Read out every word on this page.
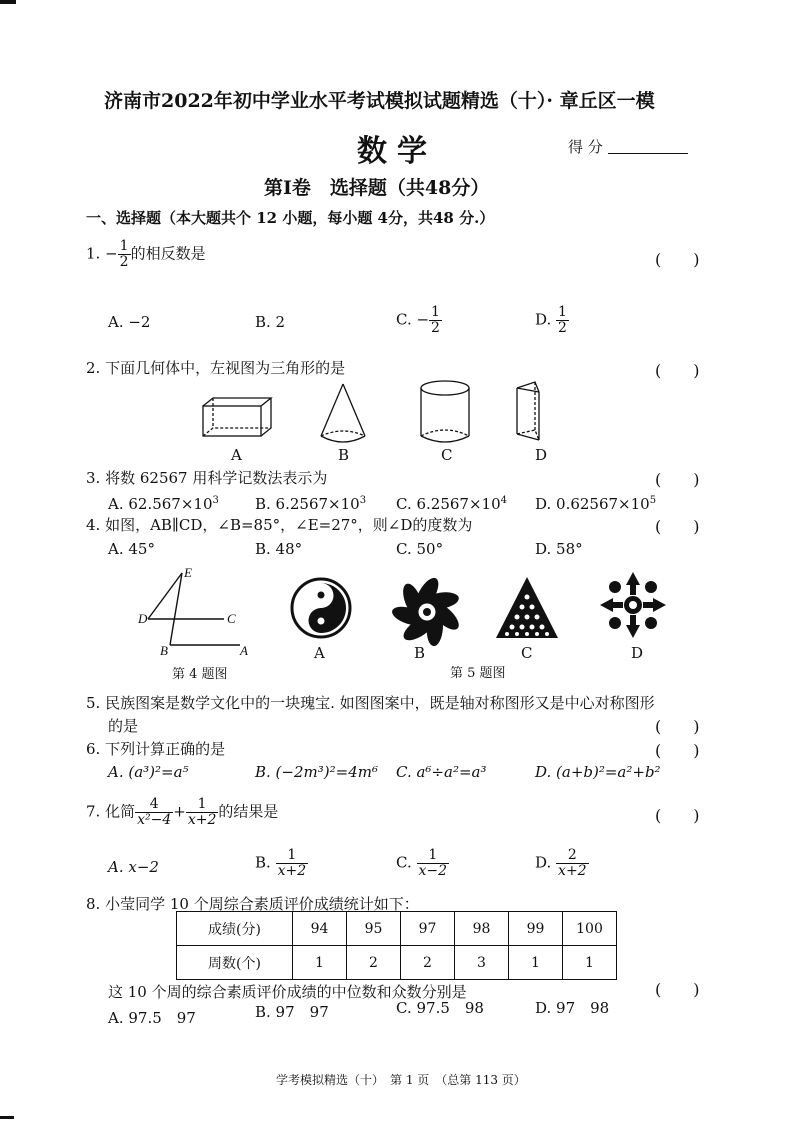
济南市2022年初中学业水平考试模拟试题精选（十）· 章丘区一模
数学	得 分
第Ⅰ卷　选择题（共48分）
一、选择题（本大题共个 12 小题，每小题 4分，共48 分.）
1. − $\frac{1}{2}$ 的相反数是	(　　)
A. −2	B. 2	C. − $\frac{1}{2}$	D. $\frac{1}{2}$
2. 下面几何体中，左视图为三角形的是	(　　)
A	B	C	D
3. 将数 62567 用科学记数法表示为	(　　)
A. $62.567\times 10^3$ B. $6.2567\times 10^3$ C. $6.2567\times 10^4$ D. $0.62567\times 10^5$
4. 如图，AB∥CD，∠B=85°，∠E=27°，则∠D的度数为	(　　)
A. 45°	B. 48°	C. 50°	D. 58°
E
D	C
B	A
第 4 题图
A	B	C	D
第 5 题图
5. 民族图案是数学文化中的一块瑰宝. 如图图案中，既是轴对称图形又是中心对称图形
的是	(　　)
6. 下列计算正确的是	(　　)
A. (a³)²=a⁵	B. (−2m³)²=4m⁶ C. a⁶÷a²=a³	D. (a+b)²=a²+b²
7. 化简 $\frac{4}{\text{x²−4}} + \frac{1}{x+2}$ 的结果是	(　　)
A. x−2	B. $\frac{1}{x+2}$	C. $\frac{1}{x-2}$	D. $\frac{2}{x+2}$
8. 小莹同学 10 个周综合素质评价成绩统计如下：
成绩(分)	94	95	97	98	99	100
周数(个)	1	2	2	3	1	1
这 10 个周的综合素质评价成绩的中位数和众数分别是	(　　)
A. 97.5　97	B. 97　97	C. 97.5　98	D. 97　98
学考模拟精选（十）　第 1 页　（总第 113 页）
